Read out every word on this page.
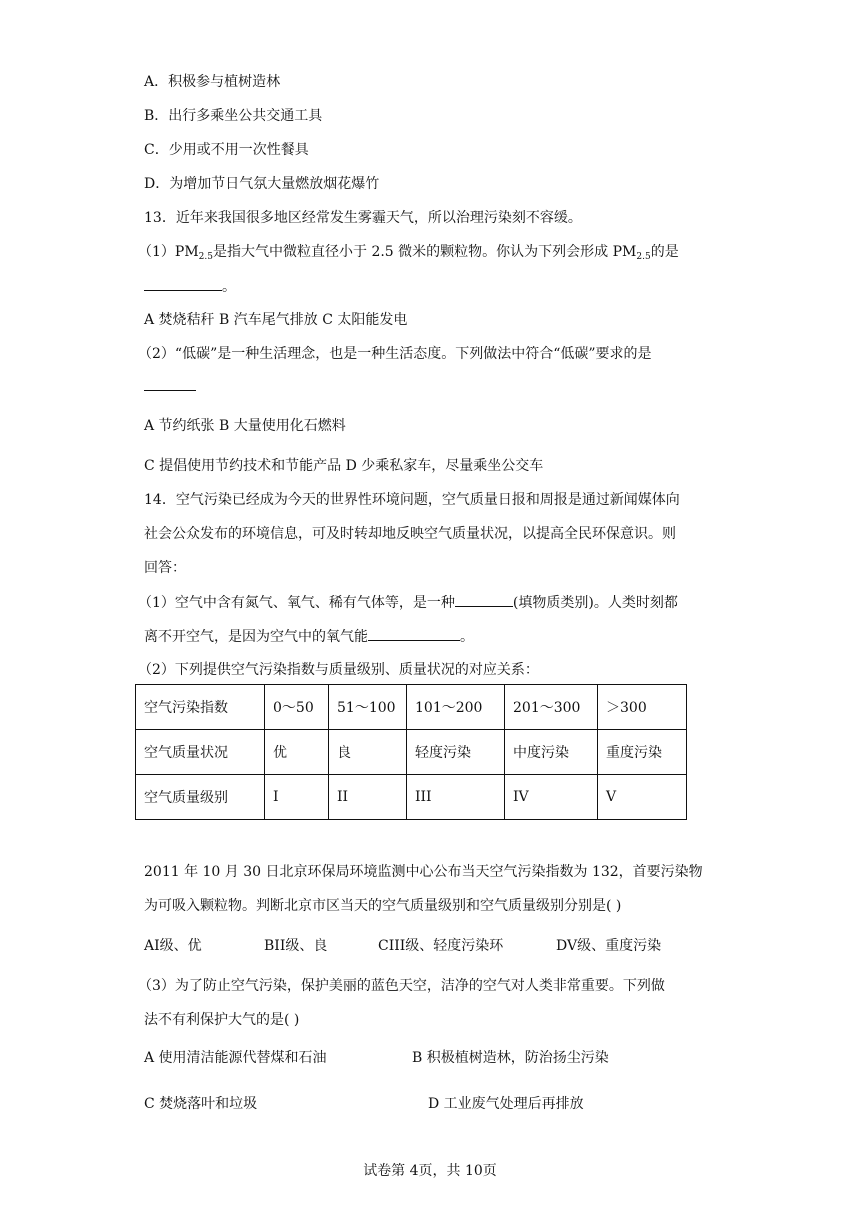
A．积极参与植树造林
B．出行多乘坐公共交通工具
C．少用或不用一次性餐具
D．为增加节日气氛大量燃放烟花爆竹
13．近年来我国很多地区经常发生雾霾天气，所以治理污染刻不容缓。
$(1)PM_{2.5}$是指大气中微粒直径小于 2.5 微米的颗粒物。你认为下列会形成 $PM_{2.5}$的是
。
A 焚烧秸秆 B 汽车尾气排放 C 太阳能发电
（2）“低碳”是一种生活理念，也是一种生活态度。下列做法中符合“低碳”要求的是
A 节约纸张 B 大量使用化石燃料
C 提倡使用节约技术和节能产品 D 少乘私家车，尽量乘坐公交车
14．空气污染已经成为今天的世界性环境问题，空气质量日报和周报是通过新闻媒体向
社会公众发布的环境信息，可及时转却地反映空气质量状况，以提高全民环保意识。则
回答：
（1）空气中含有氮气、氧气、稀有气体等，是一种	(填物质类别)。人类时刻都
离不开空气，是因为空气中的氧气能	。
（2）下列提供空气污染指数与质量级别、质量状况的对应关系：
空气污染指数	0～50	51～100	101～200	201～300	＞300
空气质量状况	优	良	轻度污染	中度污染	重度污染
空气质量级别	I	II	III	IV	V
2011 年 10 月 30 日北京环保局环境监测中心公布当天空气污染指数为 132，首要污染物
为可吸入颗粒物。判断北京市区当天的空气质量级别和空气质量级别分别是( )
AI级、优	BII级、良	CIII级、轻度污染环	DV级、重度污染
（3）为了防止空气污染，保护美丽的蓝色天空，洁净的空气对人类非常重要。下列做
法不有利保护大气的是( )
A 使用清洁能源代替煤和石油	B 积极植树造林，防治扬尘污染
C 焚烧落叶和垃圾	D 工业废气处理后再排放
试卷第 4页，共 10页
